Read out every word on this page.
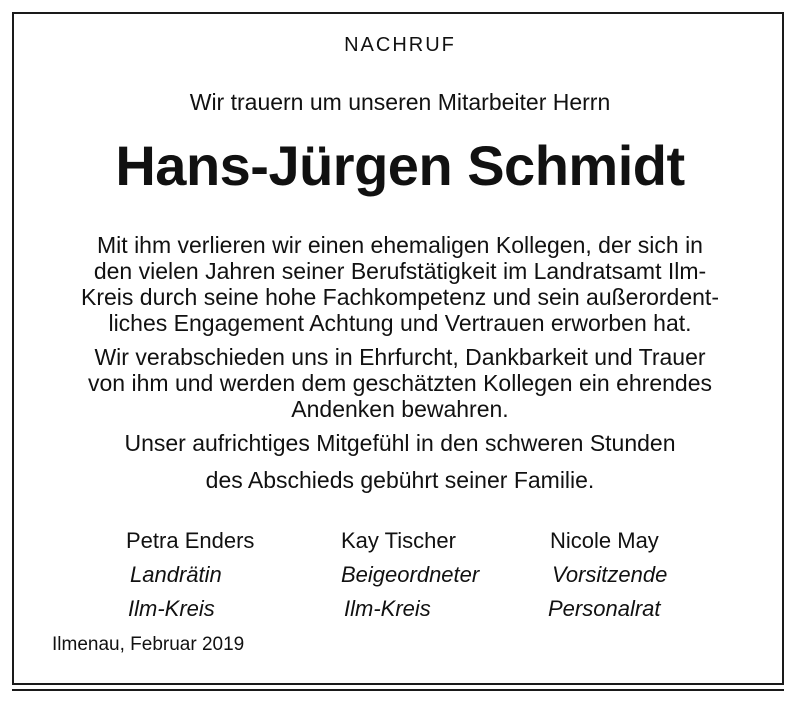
NACHRUF
Wir trauern um unseren Mitarbeiter Herrn
Hans-Jürgen Schmidt
Mit ihm verlieren wir einen ehemaligen Kollegen, der sich in
den vielen Jahren seiner Berufstätigkeit im Landratsamt Ilm-
Kreis durch seine hohe Fachkompetenz und sein außerordent-
liches Engagement Achtung und Vertrauen erworben hat.
Wir verabschieden uns in Ehrfurcht, Dankbarkeit und Trauer
von ihm und werden dem geschätzten Kollegen ein ehrendes
Andenken bewahren.
Unser aufrichtiges Mitgefühl in den schweren Stunden
des Abschieds gebührt seiner Familie.
Petra Enders
Landrätin
Ilm-Kreis
Kay Tischer
Beigeordneter
Ilm-Kreis
Nicole May
Vorsitzende
Personalrat
Ilmenau, Februar 2019
